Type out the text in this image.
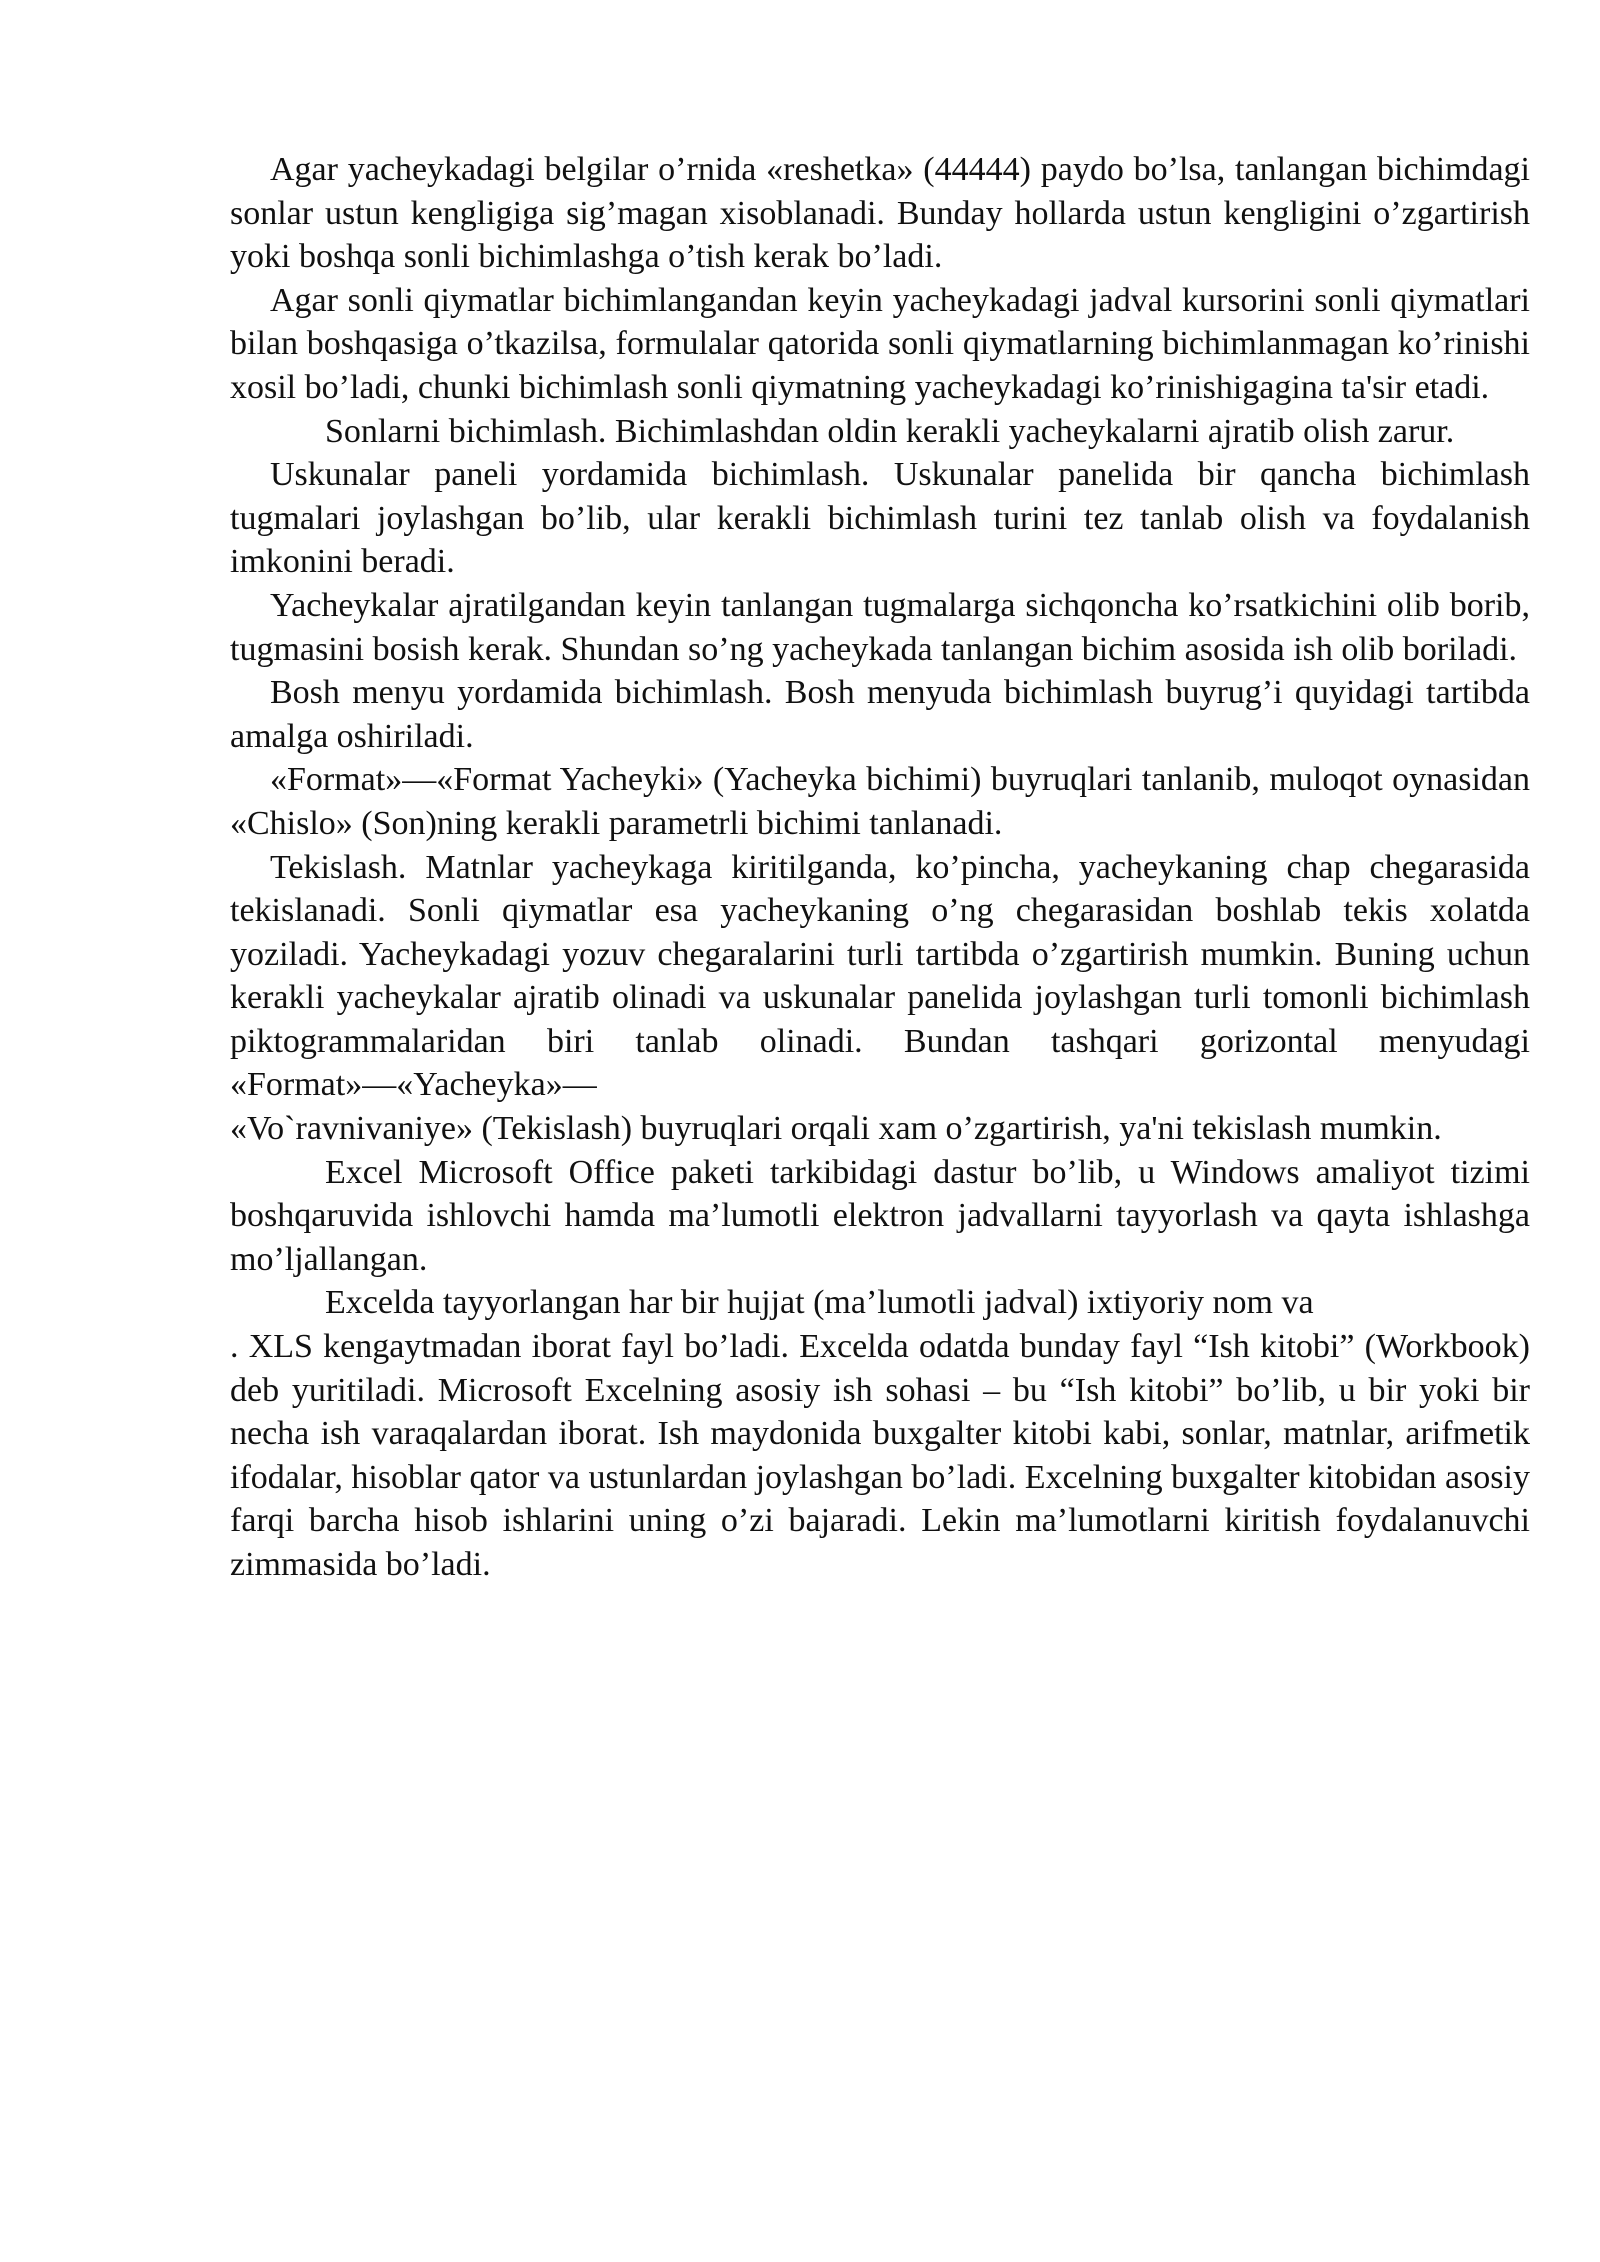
Agar yacheykadagi belgilar o’rnida «reshetka» (44444) paydo bo’lsa, tanlangan bichimdagi sonlar ustun kengligiga sig’magan xisoblanadi. Bunday hollarda ustun kengligini o’zgartirish yoki boshqa sonli bichimlashga o’tish kerak bo’ladi.

Agar sonli qiymatlar bichimlangandan keyin yacheykadagi jadval kursorini sonli qiymatlari bilan boshqasiga o’tkazilsa, formulalar qatorida sonli qiymatlarning bichimlanmagan ko’rinishi xosil bo’ladi, chunki bichimlash sonli qiymatning yacheykadagi ko’rinishigagina ta'sir etadi.

Sonlarni bichimlash. Bichimlashdan oldin kerakli yacheykalarni ajratib olish zarur.

Uskunalar paneli yordamida bichimlash. Uskunalar panelida bir qancha bichimlash tugmalari joylashgan bo’lib, ular kerakli bichimlash turini tez tanlab olish va foydalanish imkonini beradi.

Yacheykalar ajratilgandan keyin tanlangan tugmalarga sichqoncha ko’rsatkichini olib borib, tugmasini bosish kerak. Shundan so’ng yacheykada tanlangan bichim asosida ish olib boriladi.

Bosh menyu yordamida bichimlash. Bosh menyuda bichimlash buyrug’i quyidagi tartibda amalga oshiriladi.

«Format»—«Format Yacheyki» (Yacheyka bichimi) buyruqlari tanlanib, muloqot oynasidan «Chislo» (Son)ning kerakli parametrli bichimi tanlanadi.

Tekislash. Matnlar yacheykaga kiritilganda, ko’pincha, yacheykaning chap chegarasida tekislanadi. Sonli qiymatlar esa yacheykaning o’ng chegarasidan boshlab tekis xolatda yoziladi. Yacheykadagi yozuv chegaralarini turli tartibda o’zgartirish mumkin. Buning uchun kerakli yacheykalar ajratib olinadi va uskunalar panelida joylashgan turli tomonli bichimlash piktogrammalaridan biri tanlab olinadi. Bundan tashqari gorizontal menyudagi «Format»—«Yacheyka»—

«Vo`ravnivaniye» (Tekislash) buyruqlari orqali xam o’zgartirish, ya'ni tekislash mumkin.

Excel Microsoft Office paketi tarkibidagi dastur bo’lib, u Windows amaliyot tizimi boshqaruvida ishlovchi hamda ma’lumotli elektron jadvallarni tayyorlash va qayta ishlashga mo’ljallangan.

Excelda tayyorlangan har bir hujjat (ma’lumotli jadval) ixtiyoriy nom va

. XLS kengaytmadan iborat fayl bo’ladi. Excelda odatda bunday fayl “Ish kitobi” (Workbook) deb yuritiladi. Microsoft Excelning asosiy ish sohasi – bu “Ish kitobi” bo’lib, u bir yoki bir necha ish varaqalardan iborat. Ish maydonida buxgalter kitobi kabi, sonlar, matnlar, arifmetik ifodalar, hisoblar qator va ustunlardan joylashgan bo’ladi. Excelning buxgalter kitobidan asosiy farqi barcha hisob ishlarini uning o’zi bajaradi. Lekin ma’lumotlarni kiritish foydalanuvchi zimmasida bo’ladi.
